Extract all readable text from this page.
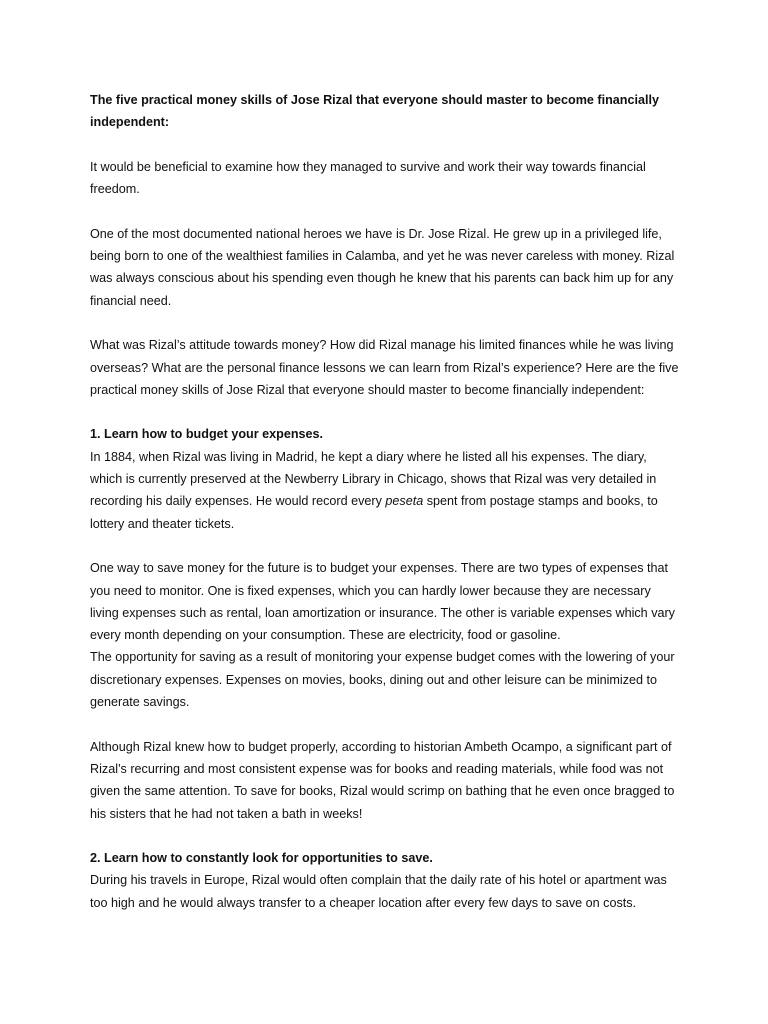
The five practical money skills of Jose Rizal that everyone should master to become financially independent:

It would be beneficial to examine how they managed to survive and work their way towards financial freedom.

One of the most documented national heroes we have is Dr. Jose Rizal. He grew up in a privileged life, being born to one of the wealthiest families in Calamba, and yet he was never careless with money. Rizal was always conscious about his spending even though he knew that his parents can back him up for any financial need.

What was Rizal’s attitude towards money? How did Rizal manage his limited finances while he was living overseas? What are the personal finance lessons we can learn from Rizal’s experience? Here are the five practical money skills of Jose Rizal that everyone should master to become financially independent:

1. Learn how to budget your expenses.

In 1884, when Rizal was living in Madrid, he kept a diary where he listed all his expenses. The diary, which is currently preserved at the Newberry Library in Chicago, shows that Rizal was very detailed in recording his daily expenses. He would record every peseta spent from postage stamps and books, to lottery and theater tickets.

One way to save money for the future is to budget your expenses. There are two types of expenses that you need to monitor. One is fixed expenses, which you can hardly lower because they are necessary living expenses such as rental, loan amortization or insurance. The other is variable expenses which vary every month depending on your consumption. These are electricity, food or gasoline.

The opportunity for saving as a result of monitoring your expense budget comes with the lowering of your discretionary expenses. Expenses on movies, books, dining out and other leisure can be minimized to generate savings.

Although Rizal knew how to budget properly, according to historian Ambeth Ocampo, a significant part of Rizal’s recurring and most consistent expense was for books and reading materials, while food was not given the same attention. To save for books, Rizal would scrimp on bathing that he even once bragged to his sisters that he had not taken a bath in weeks!

2. Learn how to constantly look for opportunities to save.

During his travels in Europe, Rizal would often complain that the daily rate of his hotel or apartment was too high and he would always transfer to a cheaper location after every few days to save on costs.
